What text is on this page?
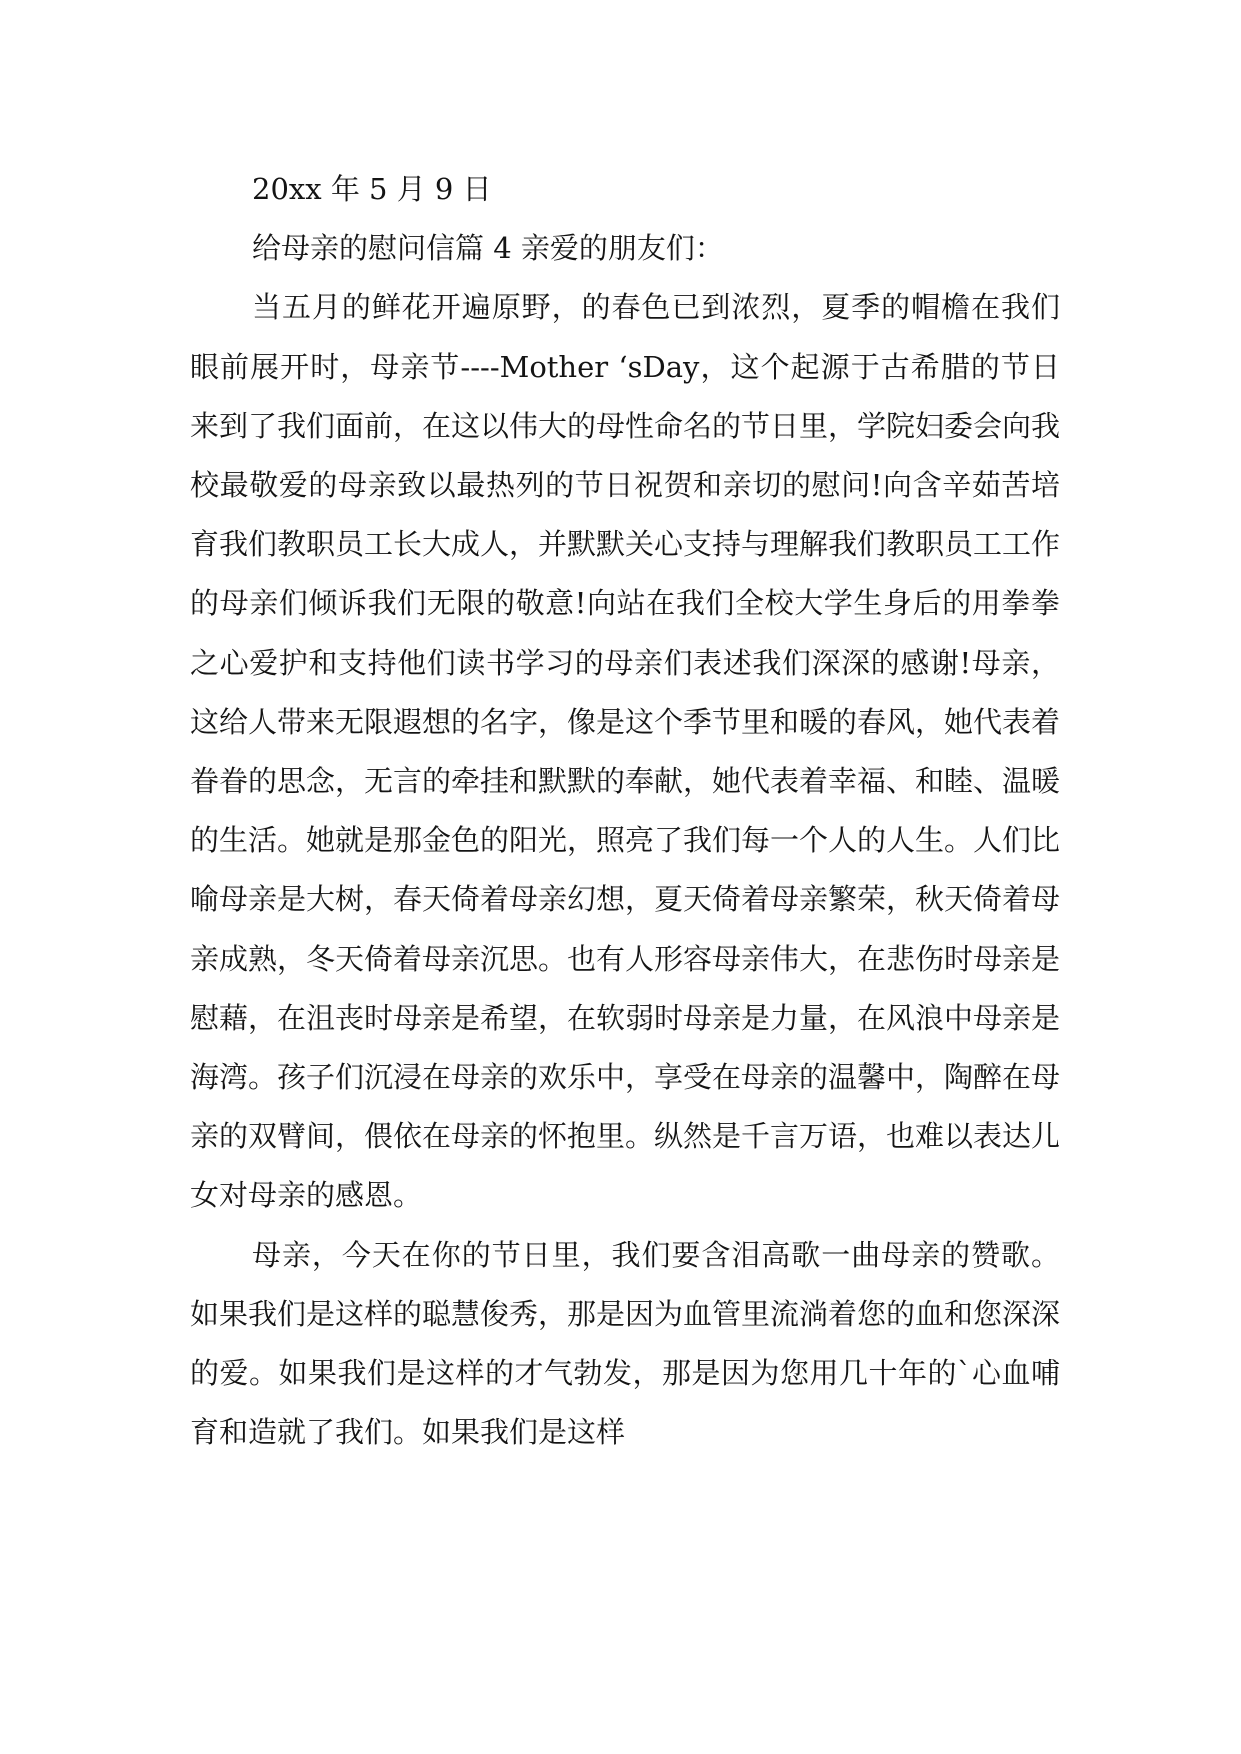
20xx 年 5 月 9 日

给母亲的慰问信篇 4 亲爱的朋友们：

当五月的鲜花开遍原野，的春色已到浓烈，夏季的帽檐在我们眼前展开时，母亲节----Mother ‘sDay，这个起源于古希腊的节日来到了我们面前，在这以伟大的母性命名的节日里，学院妇委会向我校最敬爱的母亲致以最热列的节日祝贺和亲切的慰问!向含辛茹苦培育我们教职员工长大成人，并默默关心支持与理解我们教职员工工作的母亲们倾诉我们无限的敬意!向站在我们全校大学生身后的用拳拳之心爱护和支持他们读书学习的母亲们表述我们深深的感谢!母亲，这给人带来无限遐想的名字，像是这个季节里和暖的春风，她代表着眷眷的思念，无言的牵挂和默默的奉献，她代表着幸福、和睦、温暖的生活。她就是那金色的阳光，照亮了我们每一个人的人生。人们比喻母亲是大树，春天倚着母亲幻想，夏天倚着母亲繁荣，秋天倚着母亲成熟，冬天倚着母亲沉思。也有人形容母亲伟大，在悲伤时母亲是慰藉，在沮丧时母亲是希望，在软弱时母亲是力量，在风浪中母亲是海湾。孩子们沉浸在母亲的欢乐中，享受在母亲的温馨中，陶醉在母亲的双臂间，偎依在母亲的怀抱里。纵然是千言万语，也难以表达儿女对母亲的感恩。

母亲，今天在你的节日里，我们要含泪高歌一曲母亲的赞歌。如果我们是这样的聪慧俊秀，那是因为血管里流淌着您的血和您深深的爱。如果我们是这样的才气勃发，那是因为您用几十年的`心血哺育和造就了我们。如果我们是这样
